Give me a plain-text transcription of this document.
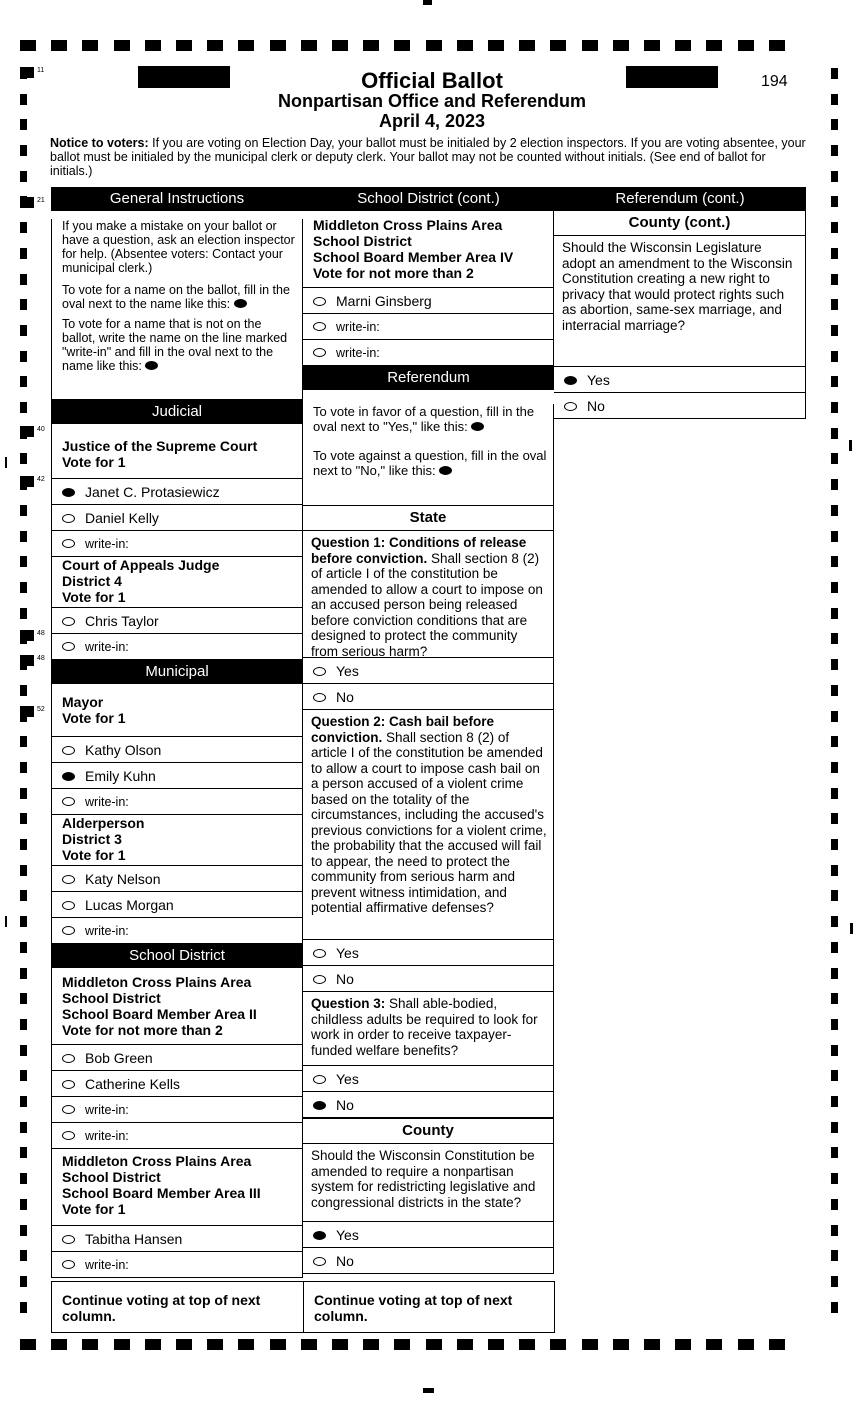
Official Ballot
Nonpartisan Office and Referendum
April 4, 2023
194
Notice to voters: If you are voting on Election Day, your ballot must be initialed by 2 election inspectors. If you are voting absentee, your ballot must be initialed by the municipal clerk or deputy clerk. Your ballot may not be counted without initials. (See end of ballot for initials.)
11
21
40
42
48
48
52
General Instructions
If you make a mistake on your ballot or have a question, ask an election inspector for help. (Absentee voters: Contact your municipal clerk.)
To vote for a name on the ballot, fill in the oval next to the name like this:
To vote for a name that is not on the ballot, write the name on the line marked "write-in" and fill in the oval next to the name like this:
Judicial
Justice of the Supreme Court
Vote for 1
Janet C. Protasiewicz
Daniel Kelly
write-in:
Court of Appeals Judge
District 4
Vote for 1
Chris Taylor
write-in:
Municipal
Mayor
Vote for 1
Kathy Olson
Emily Kuhn
write-in:
Alderperson
District 3
Vote for 1
Katy Nelson
Lucas Morgan
write-in:
School District
Middleton Cross Plains Area
School District
School Board Member Area II
Vote for not more than 2
Bob Green
Catherine Kells
write-in:
write-in:
Middleton Cross Plains Area
School District
School Board Member Area III
Vote for 1
Tabitha Hansen
write-in:
Continue voting at top of next column.
School District (cont.)
Middleton Cross Plains Area
School District
School Board Member Area IV
Vote for not more than 2
Marni Ginsberg
write-in:
write-in:
Referendum
To vote in favor of a question, fill in the oval next to "Yes," like this:
To vote against a question, fill in the oval next to "No," like this:
State
Question 1: Conditions of release before conviction. Shall section 8 (2) of article I of the constitution be amended to allow a court to impose on an accused person being released before conviction conditions that are designed to protect the community from serious harm?
Yes
No
Question 2: Cash bail before conviction. Shall section 8 (2) of article I of the constitution be amended to allow a court to impose cash bail on a person accused of a violent crime based on the totality of the circumstances, including the accused's previous convictions for a violent crime, the probability that the accused will fail to appear, the need to protect the community from serious harm and prevent witness intimidation, and potential affirmative defenses?
Yes
No
Question 3: Shall able-bodied, childless adults be required to look for work in order to receive taxpayer-funded welfare benefits?
Yes
No
County
Should the Wisconsin Constitution be amended to require a nonpartisan system for redistricting legislative and congressional districts in the state?
Yes
No
Continue voting at top of next column.
Referendum (cont.)
County (cont.)
Should the Wisconsin Legislature adopt an amendment to the Wisconsin Constitution creating a new right to privacy that would protect rights such as abortion, same-sex marriage, and interracial marriage?
Yes
No
